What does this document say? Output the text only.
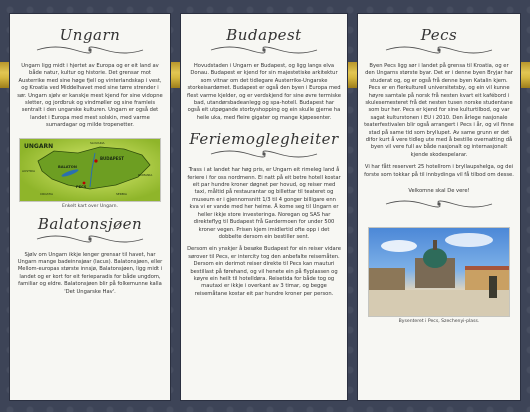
Ungarn

Ungarn ligg midt i hjertet av Europa og er eit land av både natur, kultur og historie. Det grensar mot Austerrike med sine høge fjell og vinterlandskap i vest, og Kroatia ved Middelhavet med sine tørre strender i sør. Ungarn sjølv er kanskje mest kjend for sine vidopne sletter, og jordbruk og vindmøller og sine framleis sentralt i den ungarske kulturen. Ungarn er også det landet i Europa med mest solskin, med varme sumardagar og milde tropenetter.

UNGARN
BUDAPEST
BALATON
PECS
AUSTRIA
SLOVAKIA
ROMANIA
SERBIA
CROATIA
Enkelt kart over Ungarn.
Balatonsjøen

Sjølv om Ungarn ikkje lenger grensar til havet, har Ungarn mange badeinnsjøar (lacus). Balatonsjøen, eller Mellom-europas største innsjø, Balatonsjøen, ligg midt i landet og er kort for eit ferieparadis for både ungdom, familiar og eldre. Balatonsjøen blir på folkemunne kalla 'Det Ungarske Hav'.

Budapest

Hovudstaden i Ungarn er Budapest, og ligg langs elva Donau. Budapest er kjend for sin majestetiske arkitektur som vitnar om det tidlegare Austerrike-Ungarske storkeisardømet. Budapest er også den byen i Europa med flest varme kjelder, og er verdskjend for sine øvre termiske bad, utandørsbadeanlegg og spa-hotell. Budapest har også eit utpøgande storbyshopping og ein skulle gjerne ha heile uka, med fleire gigater og mange kjøpesenter.

Feriemoglegheiter

Trass i at landet har høg pris, er Ungarn eit rimeleg land å feriere i for oss nordmenn. Ei natt på eit betre hotell kostar eit par hundre kroner døgnet per hovud, og reiser med taxi, måltid på restaurantar og billettar til teateret og museum er i gjennomsnitt 1/3 til 4 gonger billigare enn kva vi er vande med her heime. Å kome seg til Ungarn er heller ikkje store investeringa. Noregan og SAS har direkteflyg til Budapest frå Gardermoen for under 500 kroner vegen. Prisen kjem imidlertid ofte opp i det dobbelte dersom ein bestiller sent.

Dersom ein ynskjer å besøke Budapest for ein reiser vidare sørover til Pecs, er intercity tog den anbefalte reisemåten. Dersom ein derimot reiser direkte til Pecs kan mauturi bestillast på førehand, og vil henete ein på flyplassen og køyre ein heilt til hotelldøra. Reisetida for både tog og mautaxi er ikkje i overkant av 3 timar, og begge reisemåtane kostar eit par hundre kroner per person.

Pecs

Byen Pecs ligg sør i landet på grensa til Kroatia, og er den Ungarns største byar. Det er i denne byen Bryjar har studerat og, og er også frå denne byen Katalin kjem. Pecs er en flerkulturell universitetsby, og ein vil kunne høyre samtale på norsk frå nesten kvart eit kafébord i skulesemesteret frå det nesten tusen norske studentane som bur her. Pecs er kjend for sine kulturtilbod, og var sagat kulturstonen i EU i 2010. Den årlege nasjonale teaterfestivalen blir også arrangert i Pecs i år, og vil finne stad på same tid som bryllupet. Av same grunn er det difor kurt å vere tidleg ute med å bestille overnatting då byen vil vere full av både nasjonalt og internasjonalt kjende skodespelarar.

Vi har fått reservert 25 hotellrom i bryllaupshelga, og dei forste som tokkar på til innbydinga vil få tilbod om desse.

Velkomne skal De vere!

Bysenteret i Pecs, Szechenyi-plass.
